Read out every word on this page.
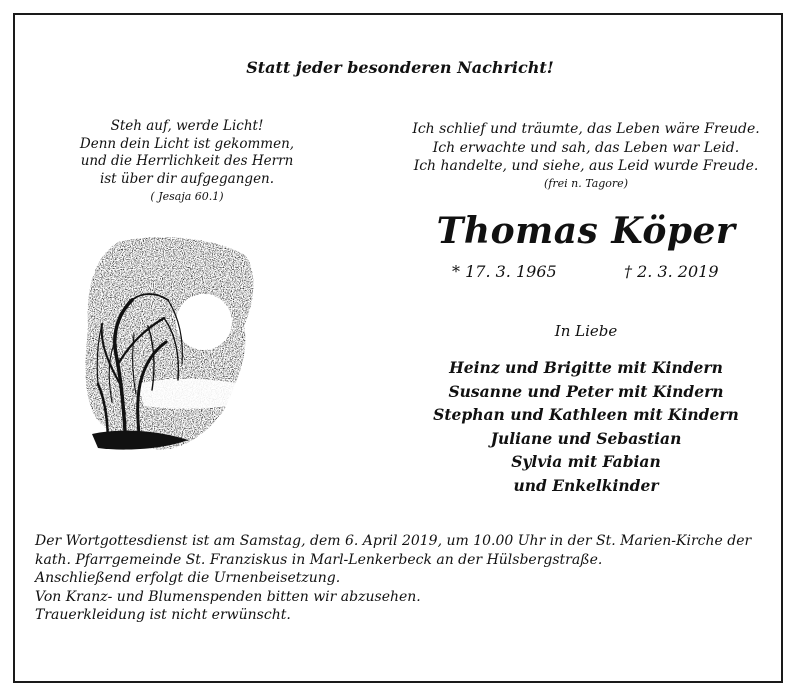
Statt jeder besonderen Nachricht!
Steh auf, werde Licht!
Denn dein Licht ist gekommen,
und die Herrlichkeit des Herrn
ist über dir aufgegangen.
( Jesaja 60.1)
Ich schlief und träumte, das Leben wäre Freude.
Ich erwachte und sah, das Leben war Leid.
Ich handelte, und siehe, aus Leid wurde Freude.
(frei n. Tagore)
Thomas Köper
* 17. 3. 1965	† 2. 3. 2019
In Liebe
Heinz und Brigitte mit Kindern
Susanne und Peter mit Kindern
Stephan und Kathleen mit Kindern
Juliane und Sebastian
Sylvia mit Fabian
und Enkelkinder
Der Wortgottesdienst ist am Samstag, dem 6. April 2019, um 10.00 Uhr in der St. Marien-Kirche der
kath. Pfarrgemeinde St. Franziskus in Marl-Lenkerbeck an der Hülsbergstraße.
Anschließend erfolgt die Urnenbeisetzung.
Von Kranz- und Blumenspenden bitten wir abzusehen.
Trauerkleidung ist nicht erwünscht.
